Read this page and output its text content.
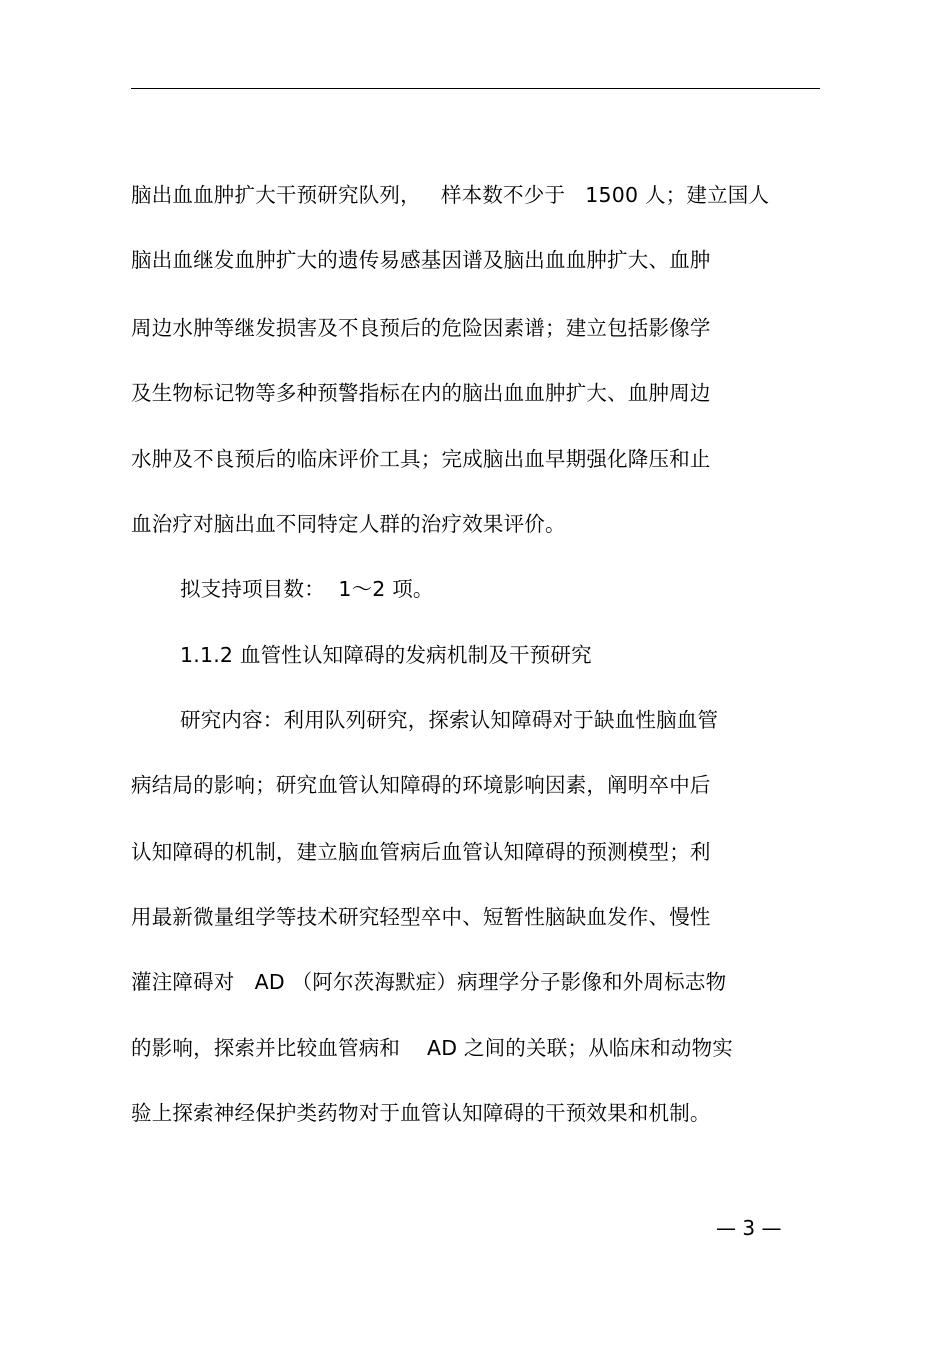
脑出血血肿扩大干预研究队列，   样本数不少于   1500 人；建立国人
脑出血继发血肿扩大的遗传易感基因谱及脑出血血肿扩大、血肿
周边水肿等继发损害及不良预后的危险因素谱；建立包括影像学
及生物标记物等多种预警指标在内的脑出血血肿扩大、血肿周边
水肿及不良预后的临床评价工具；完成脑出血早期强化降压和止
血治疗对脑出血不同特定人群的治疗效果评价。
拟支持项目数：  1～2 项。
1.1.2 血管性认知障碍的发病机制及干预研究
研究内容：利用队列研究，探索认知障碍对于缺血性脑血管
病结局的影响；研究血管认知障碍的环境影响因素，阐明卒中后
认知障碍的机制，建立脑血管病后血管认知障碍的预测模型；利
用最新微量组学等技术研究轻型卒中、短暂性脑缺血发作、慢性
灌注障碍对   AD （阿尔茨海默症）病理学分子影像和外周标志物
的影响，探索并比较血管病和    AD 之间的关联；从临床和动物实
验上探索神经保护类药物对于血管认知障碍的干预效果和机制。
— 3 —
